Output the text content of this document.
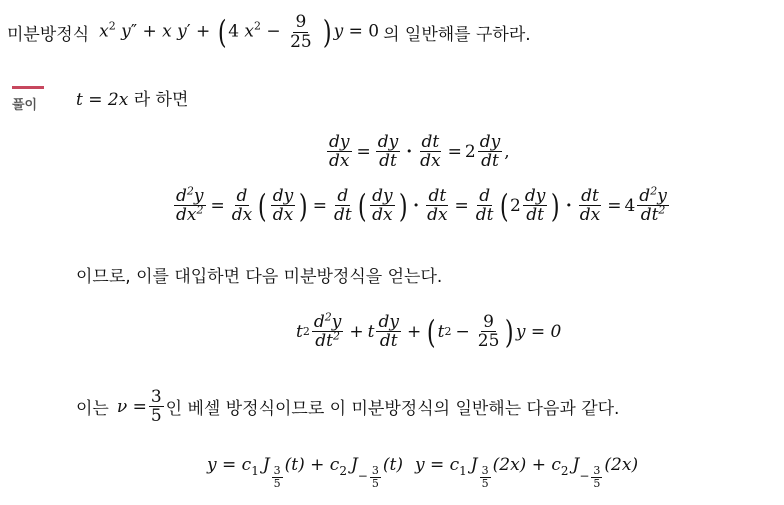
미분방정식 $x^2$ y″ + x y′ + ( 4 $x^2 - \frac{9}{25}$ ) y = 0 의 일반해를 구하라.
풀이 t = 2x 라 하면
$\frac{dy}{dx} = \frac{dy}{dt} \cdot \frac{dt}{dx} = 2 \frac{dy}{dt}$ ,
$\frac{d^2y}{dx^2} = \frac{d}{dx}$ ( $\frac{dy}{dx}$ ) = $\frac{d}{dt}$ ( $\frac{dy}{dx}$ ) · $\frac{dt}{dx} = \frac{d}{dt}$ ( $2 \frac{dy}{dt}$ ) · $\frac{dt}{dx} = 4 \frac{d^2y}{dt^2}$
이므로, 이를 대입하면 다음 미분방정식을 얻는다.
t $2 \frac{d^2y}{dt^2} + t \frac{dy}{dt}$ + ( t $2 - \frac{9}{25}$ ) y = 0
이는 $\nu = \frac{3}{5}$ 인 베셀 방정식이므로 이 미분방정식의 일반해는 다음과 같다.
y = c 1 J $\frac{3}{5} (t) + c$ 2 J
− $\frac{3}{5} (t) y = c$ 1 J $\frac{3}{5} (2x) + c$ 2 J
− $\frac{3}{5} (2x)$
